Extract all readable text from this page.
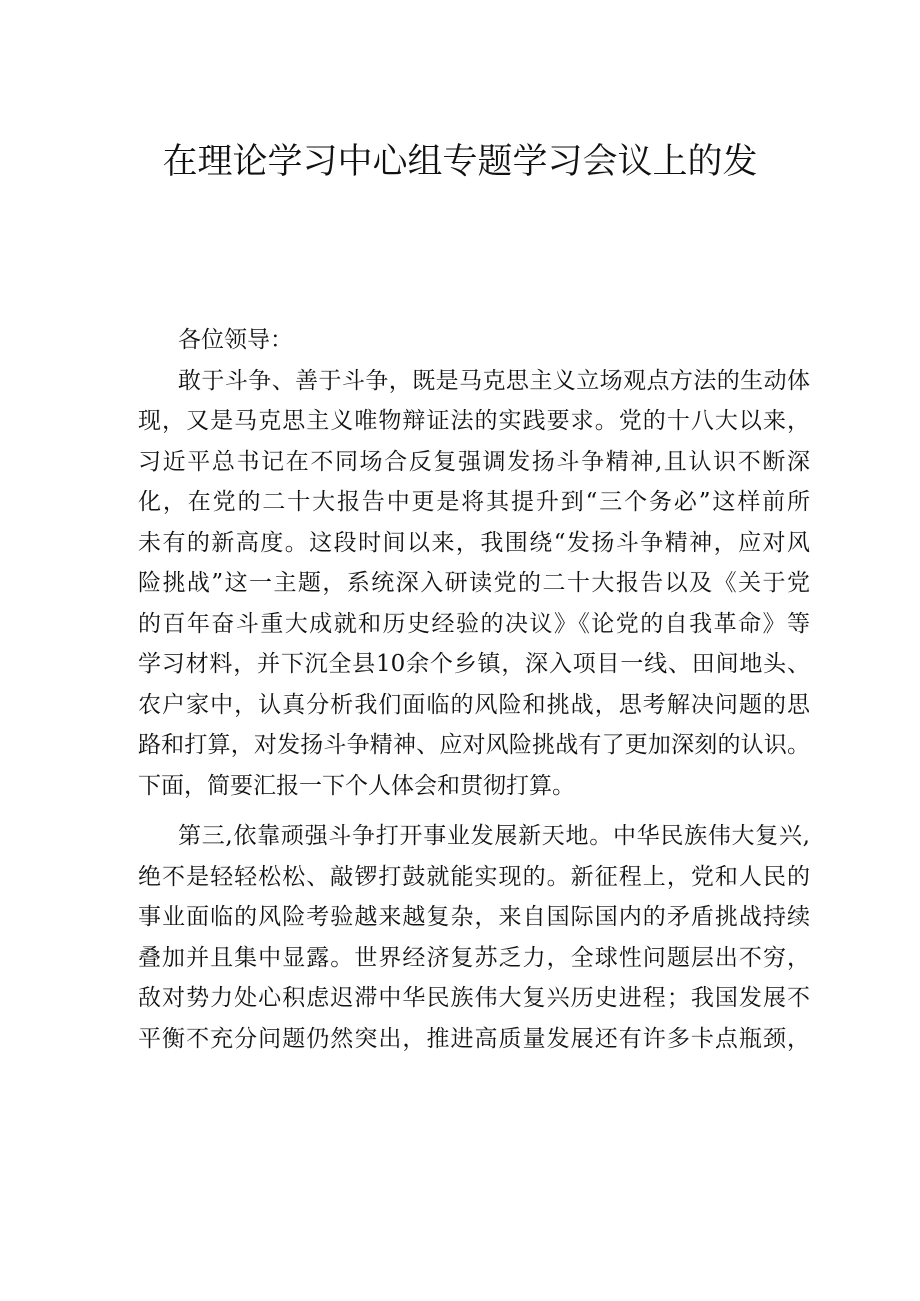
在理论学习中心组专题学习会议上的发
各位领导：
敢于斗争、善于斗争，既是马克思主义立场观点方法的生动体
现，又是马克思主义唯物辩证法的实践要求。党的十八大以来，
习近平总书记在不同场合反复强调发扬斗争精神,且认识不断深
化，在党的二十大报告中更是将其提升到“三个务必”这样前所
未有的新高度。这段时间以来，我围绕“发扬斗争精神，应对风
险挑战”这一主题，系统深入研读党的二十大报告以及《关于党
的百年奋斗重大成就和历史经验的决议》《论党的自我革命》等
学习材料，并下沉全县10余个乡镇，深入项目一线、田间地头、
农户家中，认真分析我们面临的风险和挑战，思考解决问题的思
路和打算，对发扬斗争精神、应对风险挑战有了更加深刻的认识。
下面，简要汇报一下个人体会和贯彻打算。
第三,依靠顽强斗争打开事业发展新天地。中华民族伟大复兴,
绝不是轻轻松松、敲锣打鼓就能实现的。新征程上，党和人民的
事业面临的风险考验越来越复杂，来自国际国内的矛盾挑战持续
叠加并且集中显露。世界经济复苏乏力，全球性问题层出不穷，
敌对势力处心积虑迟滞中华民族伟大复兴历史进程；我国发展不
平衡不充分问题仍然突出，推进高质量发展还有许多卡点瓶颈，
